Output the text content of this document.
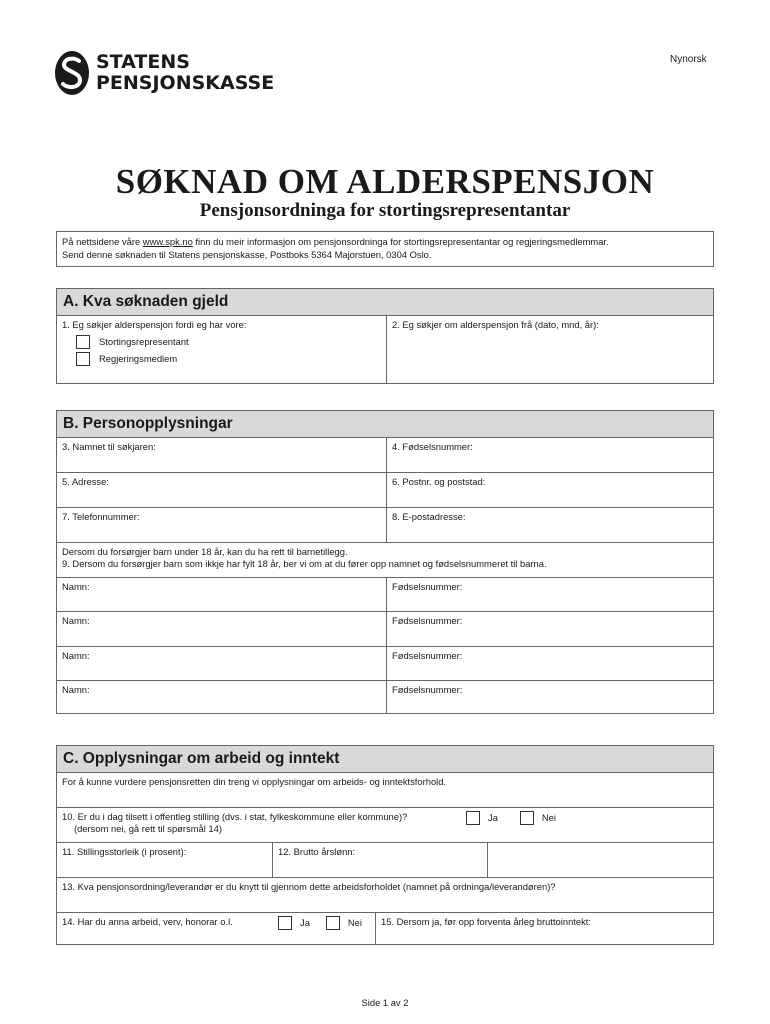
STATENS
PENSJONSKASSE
Nynorsk
SØKNAD OM ALDERSPENSJON
Pensjonsordninga for stortingsrepresentantar
På nettsidene våre www.spk.no finn du meir informasjon om pensjonsordninga for stortingsrepresentantar og regjeringsmedlemmar.
Send denne søknaden til Statens pensjonskasse, Postboks 5364 Majorstuen, 0304 Oslo.
A. Kva søknaden gjeld
1. Eg søkjer alderspensjon fordi eg har vore:
Stortingsrepresentant
Regjeringsmedlem
2. Eg søkjer om alderspensjon frå (dato, mnd, år):
B. Personopplysningar
3. Namnet til søkjaren:	4. Fødselsnummer:
5. Adresse:	6. Postnr. og poststad:
7. Telefonnummer:	8. E-postadresse:
Dersom du forsørgjer barn under 18 år, kan du ha rett til barnetillegg.
9. Dersom du forsørgjer barn som ikkje har fylt 18 år, ber vi om at du fører opp namnet og fødselsnummeret til barna.
Namn:	Fødselsnummer:
Namn:	Fødselsnummer:
Namn:	Fødselsnummer:
Namn:	Fødselsnummer:
C. Opplysningar om arbeid og inntekt
For å kunne vurdere pensjonsretten din treng vi opplysningar om arbeids- og inntektsforhold.
10. Er du i dag tilsett i offentleg stilling (dvs. i stat, fylkeskommune eller kommune)?
(dersom nei, gå rett til spørsmål 14)
Ja	Nei
11. Stillingsstorleik (i prosent):	12. Brutto årslønn:
13. Kva pensjonsordning/leverandør er du knytt til gjennom dette arbeidsforholdet (namnet på ordninga/leverandøren)?
14. Har du anna arbeid, verv, honorar o.l.	Ja	Nei	15. Dersom ja, før opp forventa årleg bruttoinntekt:
Side 1 av 2
